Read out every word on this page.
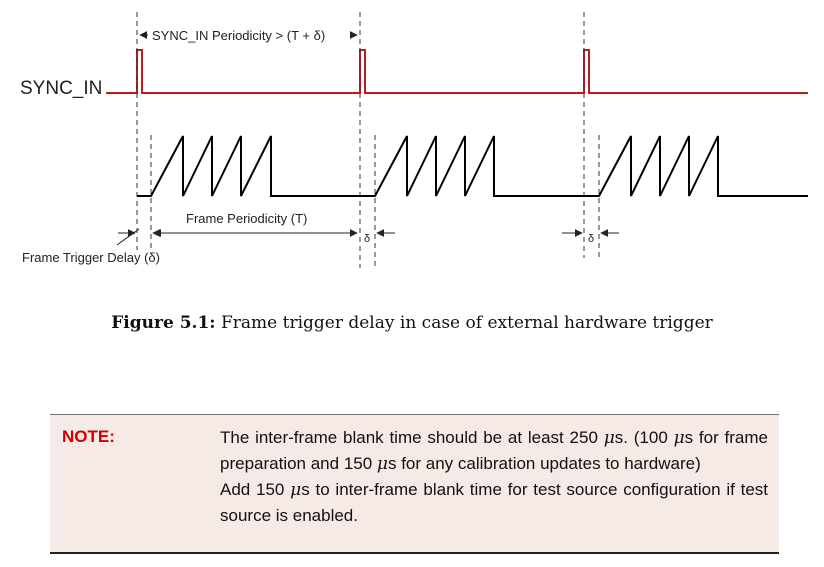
SYNC_IN
SYNC_IN Periodicity > (T + δ)
Frame Periodicity (T)
Frame Trigger Delay (δ)
δ	δ
Figure 5.1: Frame trigger delay in case of external hardware trigger
NOTE:	The inter-frame blank time should be at least 250 μs. (100 μs for frame preparation and 150 μs for any calibration updates to hardware)

Add 150 μs to inter-frame blank time for test source configuration if test source is enabled.
